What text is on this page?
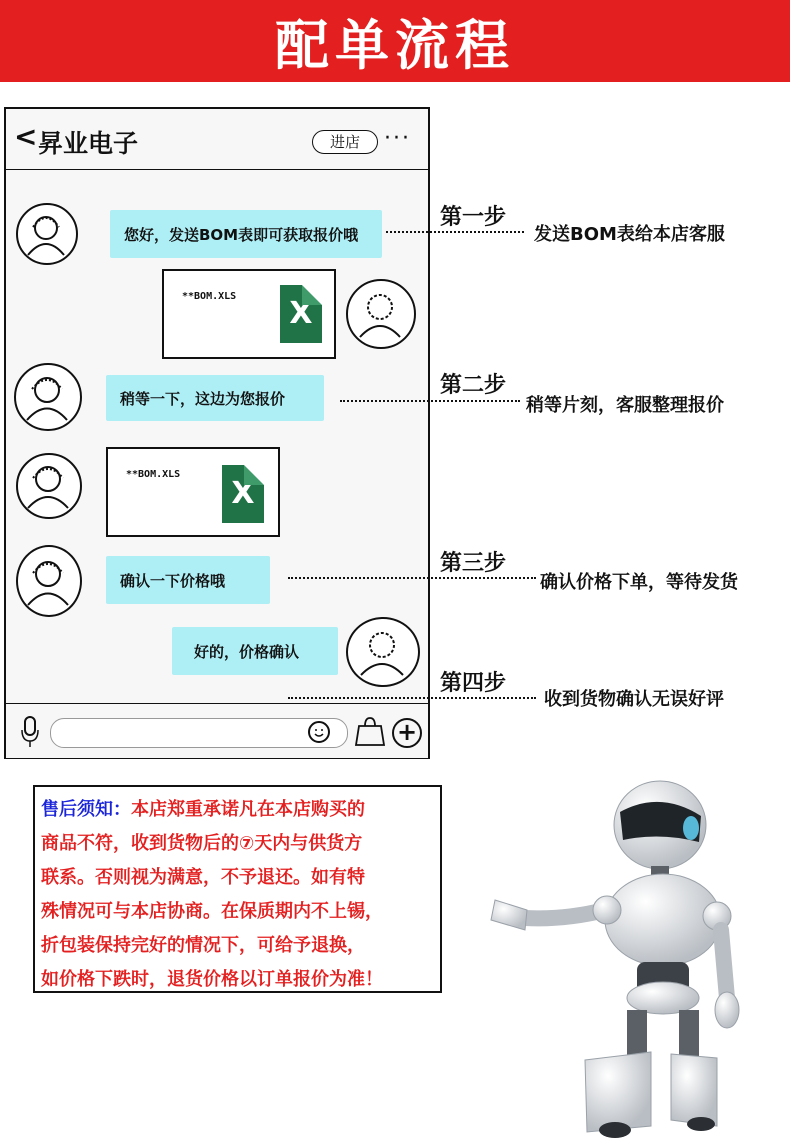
配单流程
< 昇业电子	进店	···
您好，发送BOM表即可获取报价哦
**BOM.XLS	X
稍等一下，这边为您报价
**BOM.XLS
X
确认一下价格哦
好的，价格确认
+
第一步
发送BOM表给本店客服
第二步
稍等片刻，客服整理报价
第三步
确认价格下单，等待发货
第四步
收到货物确认无误好评
售后须知：本店郑重承诺凡在本店购买的
商品不符，收到货物后的⑦天内与供货方
联系。否则视为满意，不予退还。如有特
殊情况可与本店协商。在保质期内不上锡，
折包装保持完好的情况下，可给予退换，
如价格下跌时，退货价格以订单报价为准！
